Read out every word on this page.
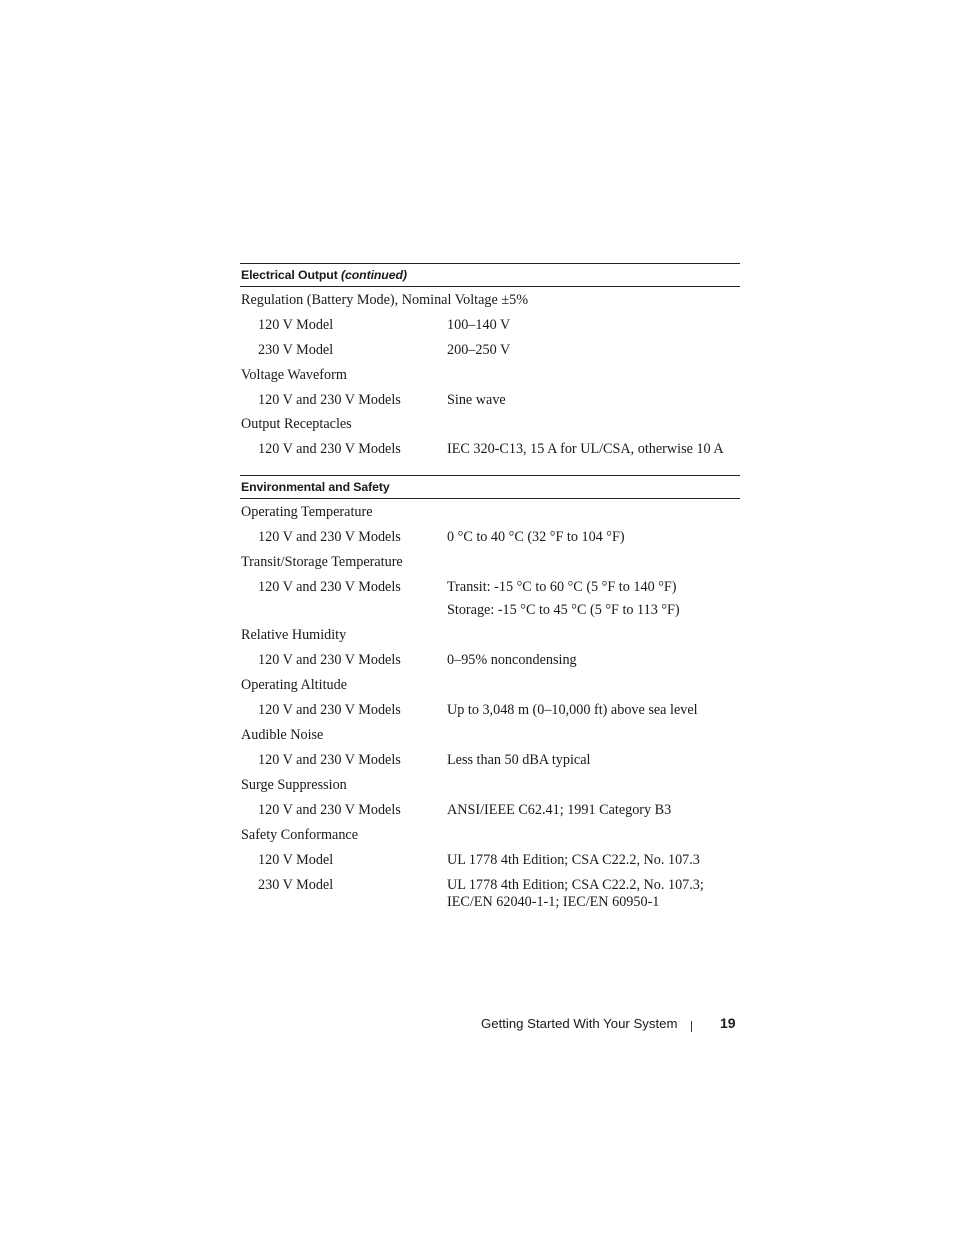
Electrical Output (continued)
Regulation (Battery Mode), Nominal Voltage ±5%
120 V Model	100–140 V
230 V Model	200–250 V
Voltage Waveform
120 V and 230 V Models	Sine wave
Output Receptacles
120 V and 230 V Models	IEC 320-C13, 15 A for UL/CSA, otherwise 10 A
Environmental and Safety
Operating Temperature
120 V and 230 V Models	0 °C to 40 °C (32 °F to 104 °F)
Transit/Storage Temperature
120 V and 230 V Models	Transit: -15 °C to 60 °C (5 °F to 140 °F)
Storage: -15 °C to 45 °C (5 °F to 113 °F)
Relative Humidity
120 V and 230 V Models	0–95% noncondensing
Operating Altitude
120 V and 230 V Models	Up to 3,048 m (0–10,000 ft) above sea level
Audible Noise
120 V and 230 V Models	Less than 50 dBA typical
Surge Suppression
120 V and 230 V Models	ANSI/IEEE C62.41; 1991 Category B3
Safety Conformance
120 V Model	UL 1778 4th Edition; CSA C22.2, No. 107.3
230 V Model	UL 1778 4th Edition; CSA C22.2, No. 107.3;
IEC/EN 62040-1-1; IEC/EN 60950-1
Getting Started With Your System	19
